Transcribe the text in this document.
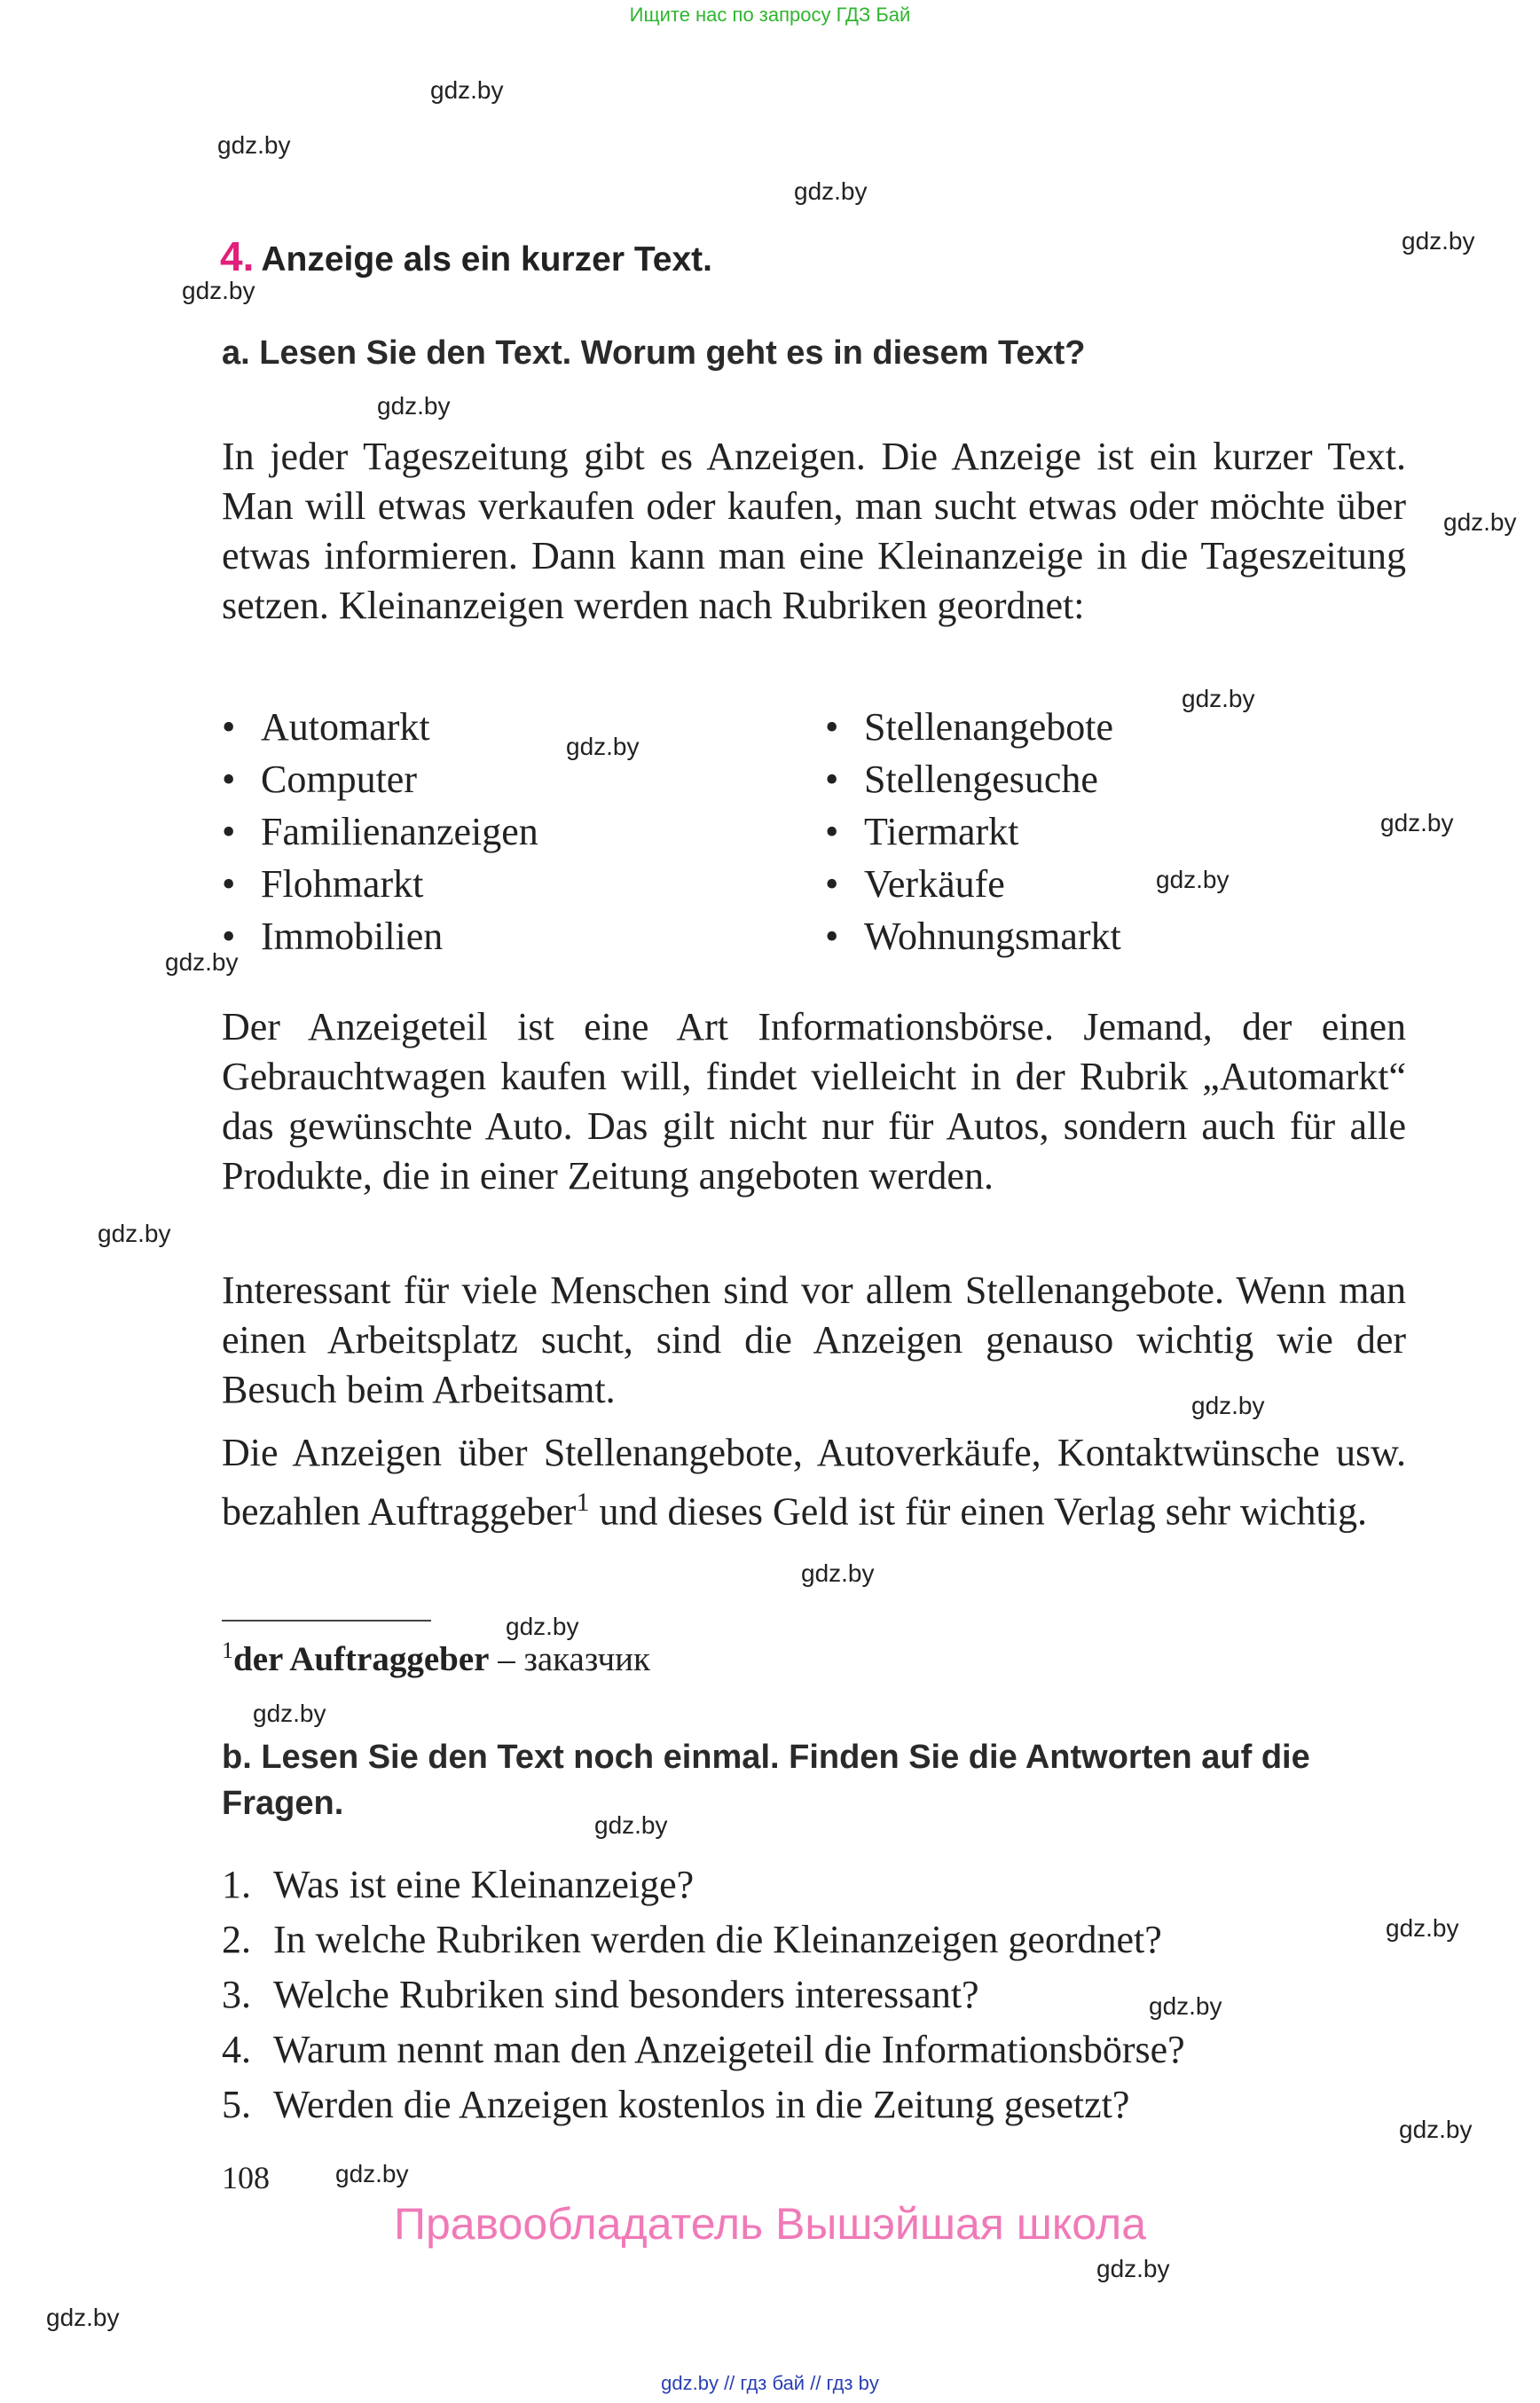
Ищите нас по запросу ГДЗ Бай
gdz.by
gdz.by
gdz.by
gdz.by
gdz.by
gdz.by
gdz.by
gdz.by
gdz.by
gdz.by
gdz.by
gdz.by
gdz.by
gdz.by
gdz.by
gdz.by
gdz.by
gdz.by
gdz.by
gdz.by
gdz.by
gdz.by
gdz.by
gdz.by
4. Anzeige als ein kurzer Text.
a. Lesen Sie den Text. Worum geht es in diesem Text?

In jeder Tageszeitung gibt es Anzeigen. Die Anzeige ist ein kurzer Text. Man will etwas verkaufen oder kaufen, man sucht etwas oder möchte über etwas informieren. Dann kann man eine Kleinanzeige in die Tageszeitung setzen. Kleinanzeigen werden nach Rubriken geordnet:

• Automarkt
• Computer
• Familienanzeigen
• Flohmarkt
• Immobilien
• Stellenangebote
• Stellengesuche
• Tiermarkt
• Verkäufe
• Wohnungsmarkt

Der Anzeigeteil ist eine Art Informationsbörse. Jemand, der einen Gebrauchtwagen kaufen will, findet vielleicht in der Rubrik „Automarkt“ das gewünschte Auto. Das gilt nicht nur für Autos, sondern auch für alle Produkte, die in einer Zeitung angeboten werden.

Interessant für viele Menschen sind vor allem Stellenangebote. Wenn man einen Arbeitsplatz sucht, sind die Anzeigen genauso wichtig wie der Besuch beim Arbeitsamt.

Die Anzeigen über Stellenangebote, Autoverkäufe, Kontaktwünsche usw. bezahlen Auftraggeber$^1$ und dieses Geld ist für einen Verlag sehr wichtig.

$^1$der Auftraggeber – заказчик
b. Lesen Sie den Text noch einmal. Finden Sie die Antworten auf die Fragen.
1. Was ist eine Kleinanzeige?
2. In welche Rubriken werden die Kleinanzeigen geordnet?
3. Welche Rubriken sind besonders interessant?
4. Warum nennt man den Anzeigeteil die Informationsbörse?
5. Werden die Anzeigen kostenlos in die Zeitung gesetzt?
108
Правообладатель Вышэйшая школа
gdz.by // гдз бай // гдз by
